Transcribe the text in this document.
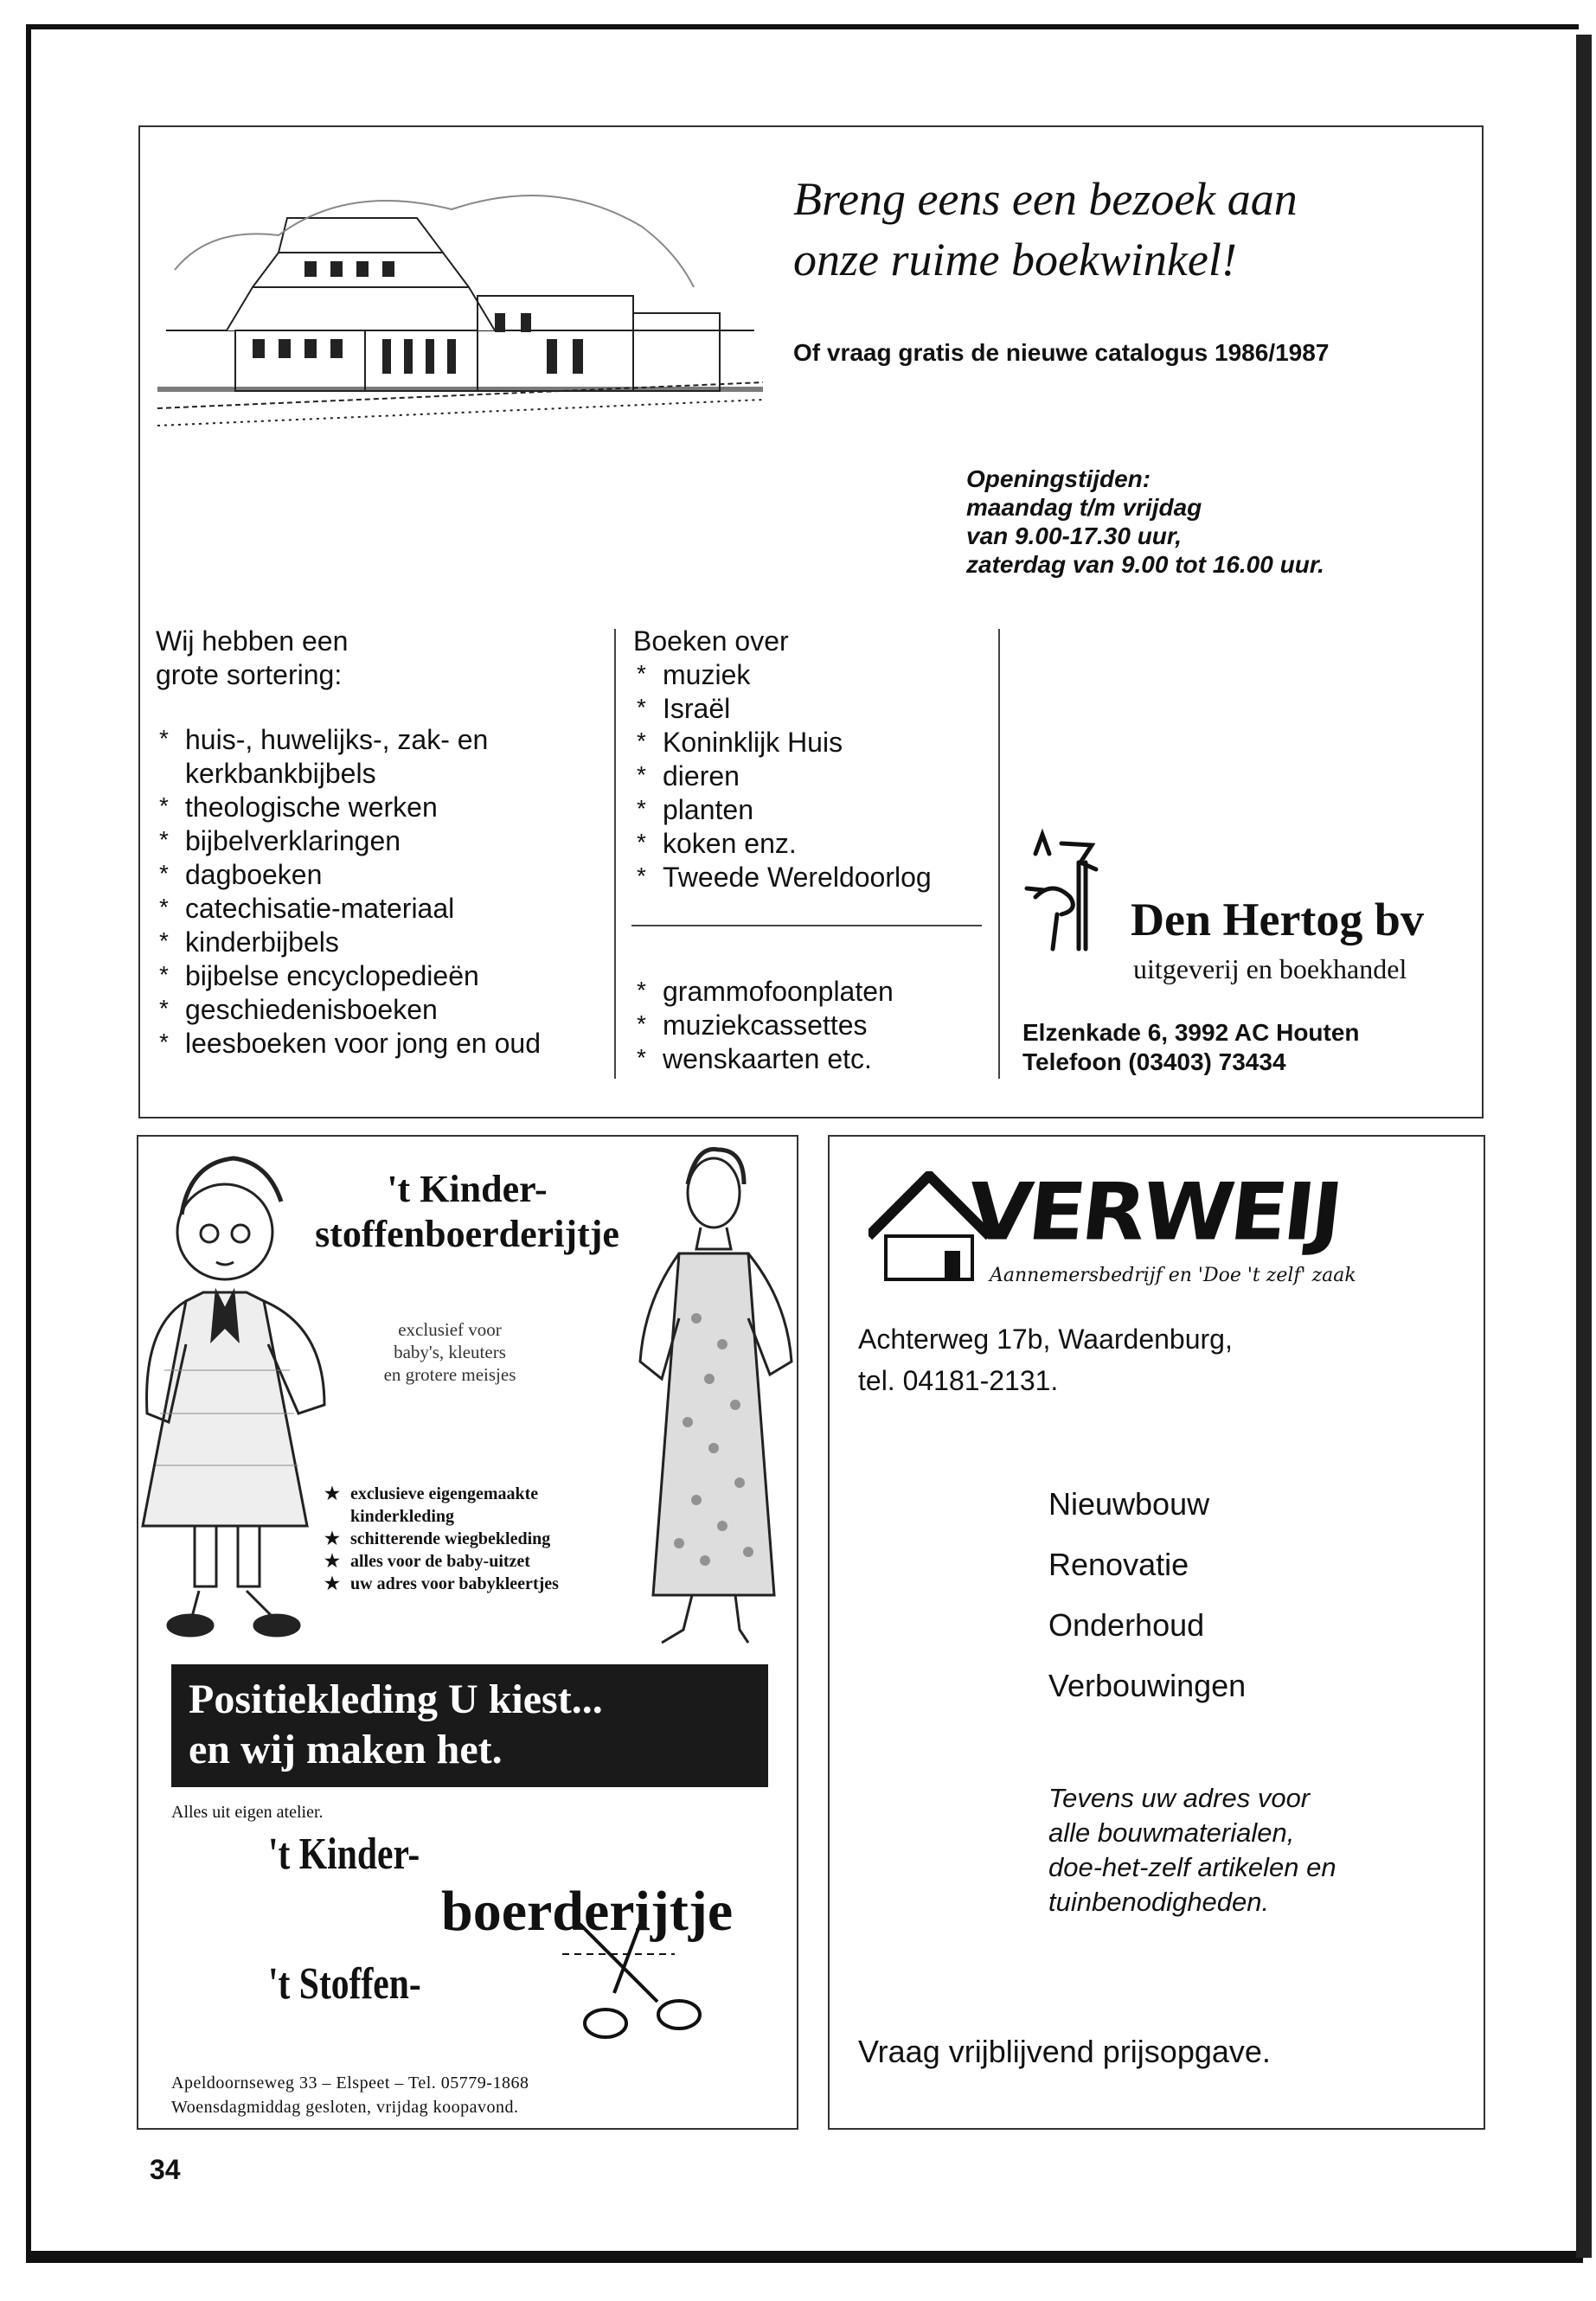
Breng eens een bezoek aan
onze ruime boekwinkel!
Of vraag gratis de nieuwe catalogus 1986/1987
Openingstijden:
maandag t/m vrijdag
van 9.00-17.30 uur,
zaterdag van 9.00 tot 16.00 uur.
Wij hebben een
grote sortering:
* huis-, huwelijks-, zak- en kerkbankbijbels
* theologische werken
* bijbelverklaringen
* dagboeken
* catechisatie-materiaal
* kinderbijbels
* bijbelse encyclopedieën
* geschiedenisboeken
* leesboeken voor jong en oud
Boeken over
* muziek
* Israël
* Koninklijk Huis
* dieren
* planten
* koken enz.
* Tweede Wereldoorlog
* grammofoonplaten
* muziekcassettes
* wenskaarten etc.
Den Hertog bv
uitgeverij en boekhandel
Elzenkade 6, 3992 AC Houten
Telefoon (03403) 73434
't Kinder-
stoffenboerderijtje
exclusief voor
baby's, kleuters
en grotere meisjes
★ exclusieve eigengemaakte kinderkleding
★ schitterende wiegbekleding
★ alles voor de baby-uitzet
★ uw adres voor babykleertjes
Positiekleding U kiest...
en wij maken het.
Alles uit eigen atelier.
't Kinder-
boerderijtje
't Stoffen-
Apeldoornseweg 33 – Elspeet – Tel. 05779-1868
Woensdagmiddag gesloten, vrijdag koopavond.
VERWEIJ
Aannemersbedrijf en 'Doe 't zelf' zaak
Achterweg 17b, Waardenburg,
tel. 04181-2131.
Nieuwbouw
Renovatie
Onderhoud
Verbouwingen
Tevens uw adres voor
alle bouwmaterialen,
doe-het-zelf artikelen en
tuinbenodigheden.
Vraag vrijblijvend prijsopgave.
34
